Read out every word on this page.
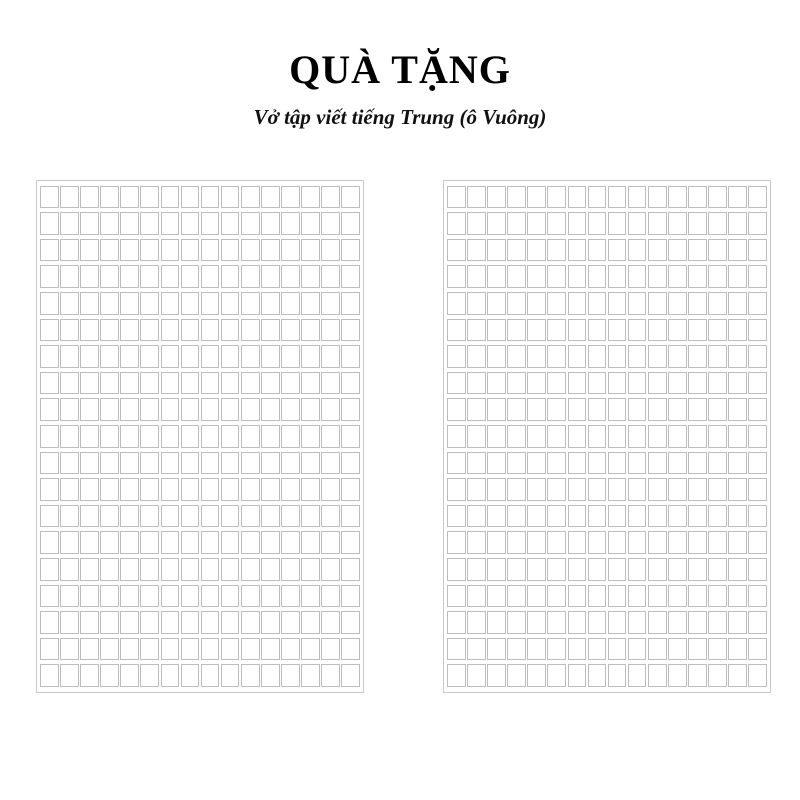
QUÀ TẶNG

Vở tập viết tiếng Trung (ô Vuông)
